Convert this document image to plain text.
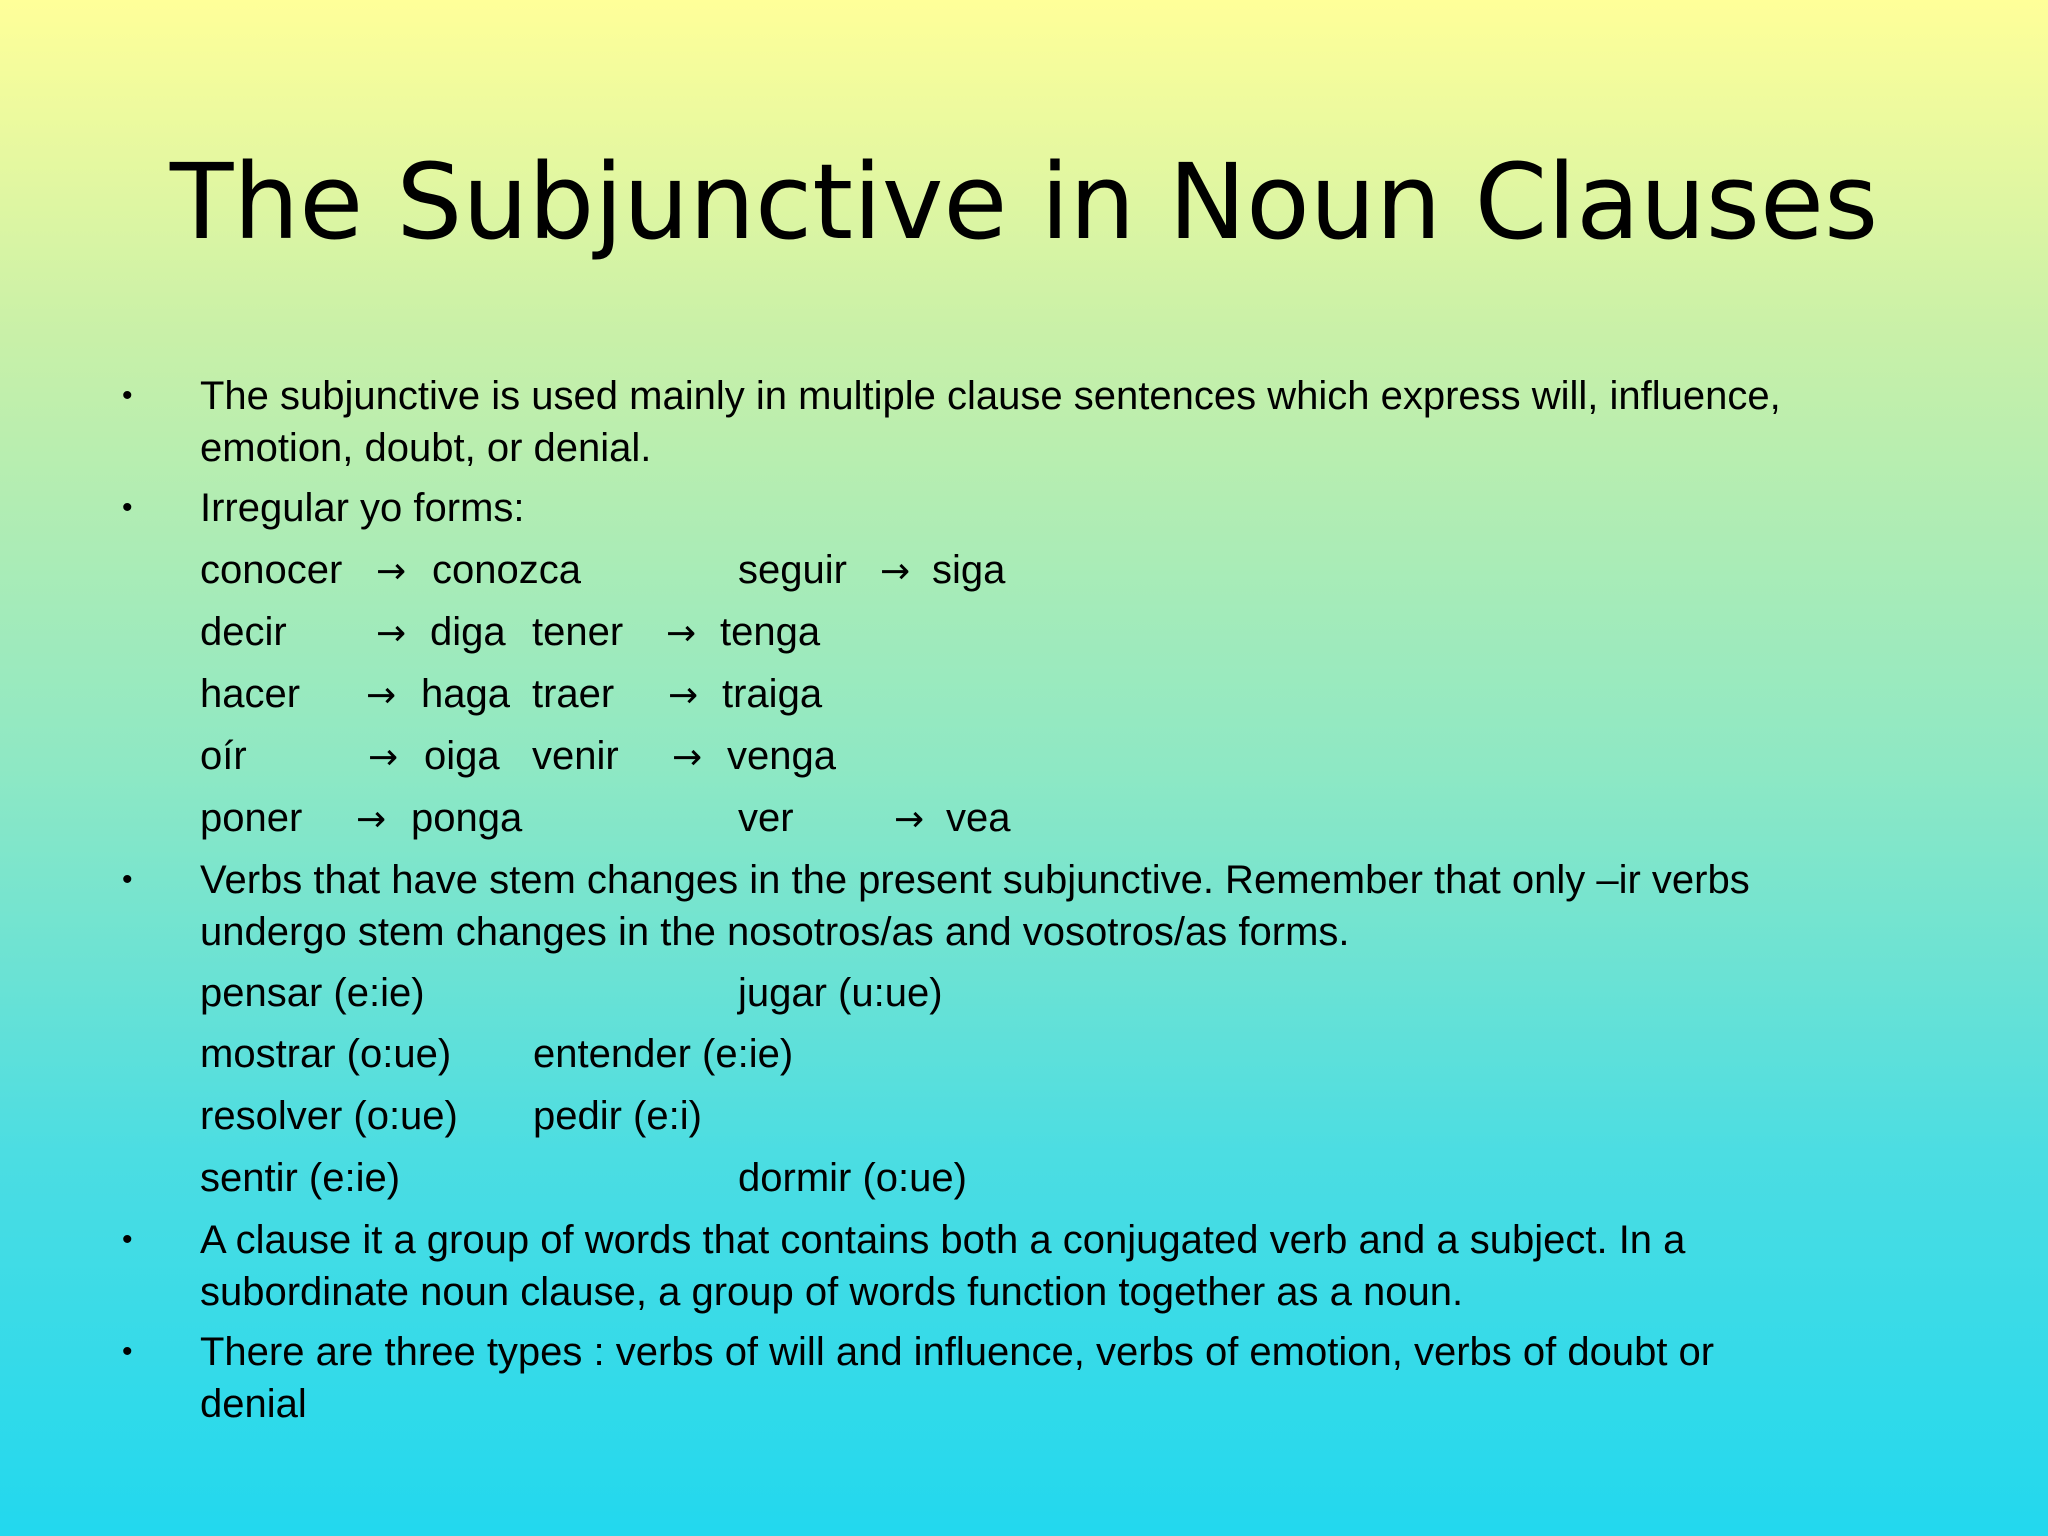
The Subjunctive in Noun Clauses
• The subjunctive is used mainly in multiple clause sentences which express will, influence,
emotion, doubt, or denial.
• Irregular yo forms:
conocer → conozca	seguir → siga
decir → diga tener → tenga
hacer → haga traer → traiga
oír	→ oiga venir → venga
poner → ponga	ver	→ vea
• Verbs that have stem changes in the present subjunctive. Remember that only –ir verbs
undergo stem changes in the nosotros/as and vosotros/as forms.
pensar (e:ie)	jugar (u:ue)
mostrar (o:ue) entender (e:ie)
resolver (o:ue) pedir (e:i)
sentir (e:ie)	dormir (o:ue)
• A clause it a group of words that contains both a conjugated verb and a subject. In a
subordinate noun clause, a group of words function together as a noun.
• There are three types : verbs of will and influence, verbs of emotion, verbs of doubt or
denial
